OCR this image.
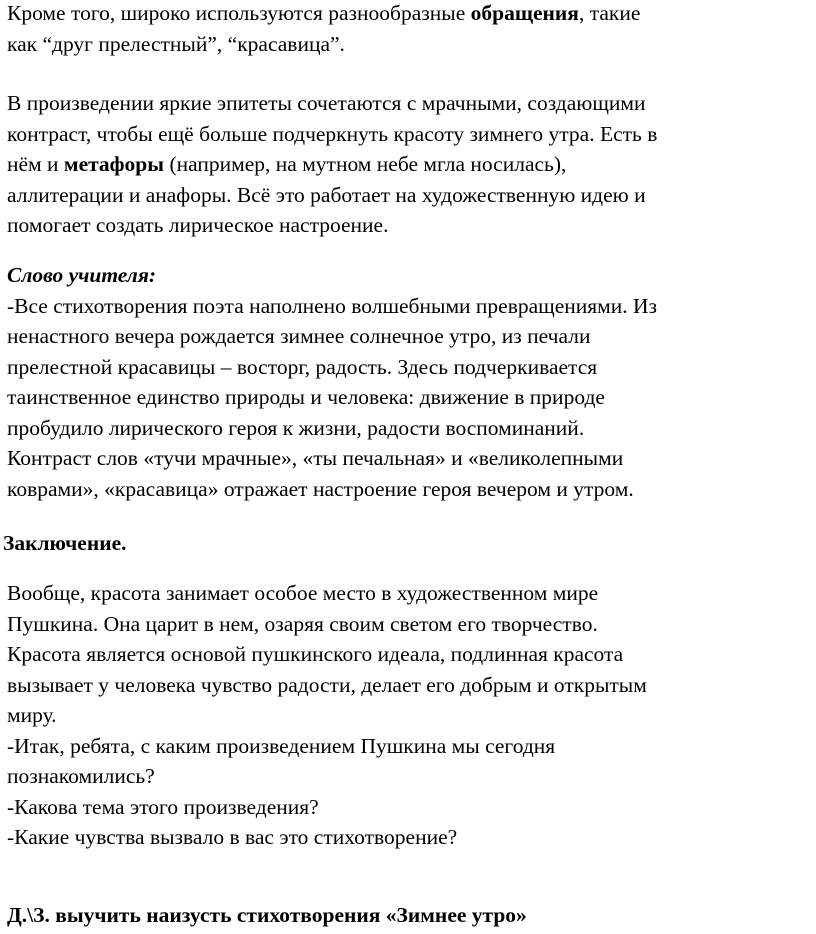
Кроме того, широко используются разнообразные обращения, такие
как “друг прелестный”, “красавица”.

В произведении яркие эпитеты сочетаются с мрачными, создающими
контраст, чтобы ещё больше подчеркнуть красоту зимнего утра. Есть в
нём и метафоры (например, на мутном небе мгла носилась),
аллитерации и анафоры. Всё это работает на художественную идею и
помогает создать лирическое настроение.

Слово учителя:
-Все стихотворения поэта наполнено волшебными превращениями. Из
ненастного вечера рождается зимнее солнечное утро, из печали
прелестной красавицы – восторг, радость. Здесь подчеркивается
таинственное единство природы и человека: движение в природе
пробудило лирического героя к жизни, радости воспоминаний.
Контраст слов «тучи мрачные», «ты печальная» и «великолепными
коврами», «красавица» отражает настроение героя вечером и утром.

Заключение.

Вообще, красота занимает особое место в художественном мире
Пушкина. Она царит в нем, озаряя своим светом его творчество.
Красота является основой пушкинского идеала, подлинная красота
вызывает у человека чувство радости, делает его добрым и открытым
миру.
-Итак, ребята, с каким произведением Пушкина мы сегодня
познакомились?
-Какова тема этого произведения?
-Какие чувства вызвало в вас это стихотворение?

Д.\З. выучить наизусть стихотворения «Зимнее утро»
